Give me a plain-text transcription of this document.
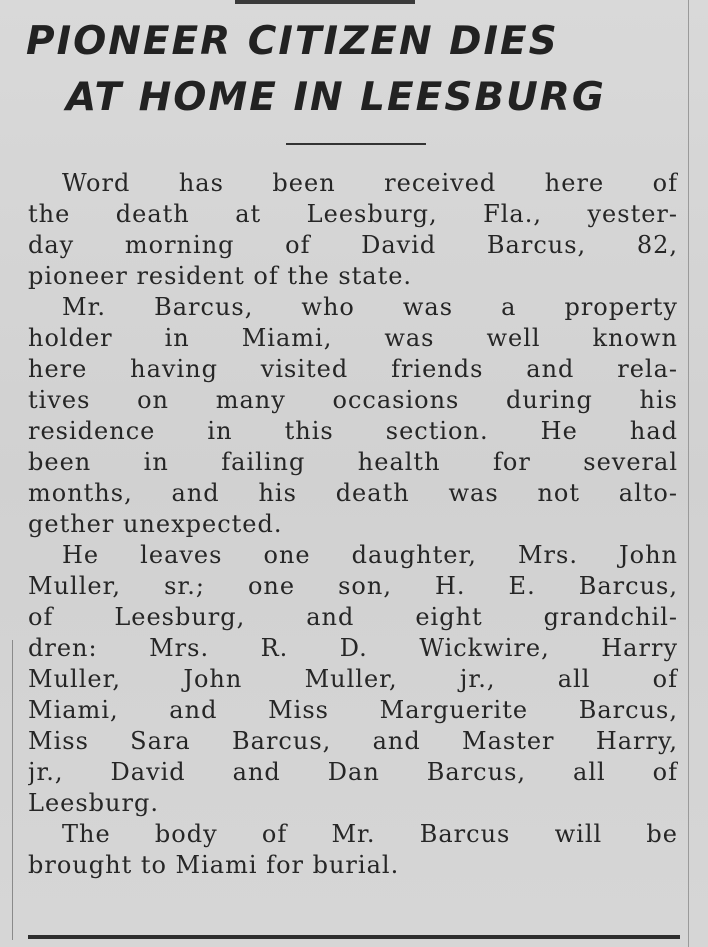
PIONEER CITIZEN DIES
AT HOME IN LEESBURG
Word has been received here of
the death at Leesburg, Fla., yester-
day morning of David Barcus, 82,
pioneer resident of the state.
Mr. Barcus, who was a property
holder in Miami, was well known
here having visited friends and rela-
tives on many occasions during his
residence in this section. He had
been in failing health for several
months, and his death was not alto-
gether unexpected.
He leaves one daughter, Mrs. John
Muller, sr.; one son, H. E. Barcus,
of Leesburg, and eight grandchil-
dren: Mrs. R. D. Wickwire, Harry
Muller, John Muller, jr., all of
Miami, and Miss Marguerite Barcus,
Miss Sara Barcus, and Master Harry,
jr., David and Dan Barcus, all of
Leesburg.
The body of Mr. Barcus will be
brought to Miami for burial.
